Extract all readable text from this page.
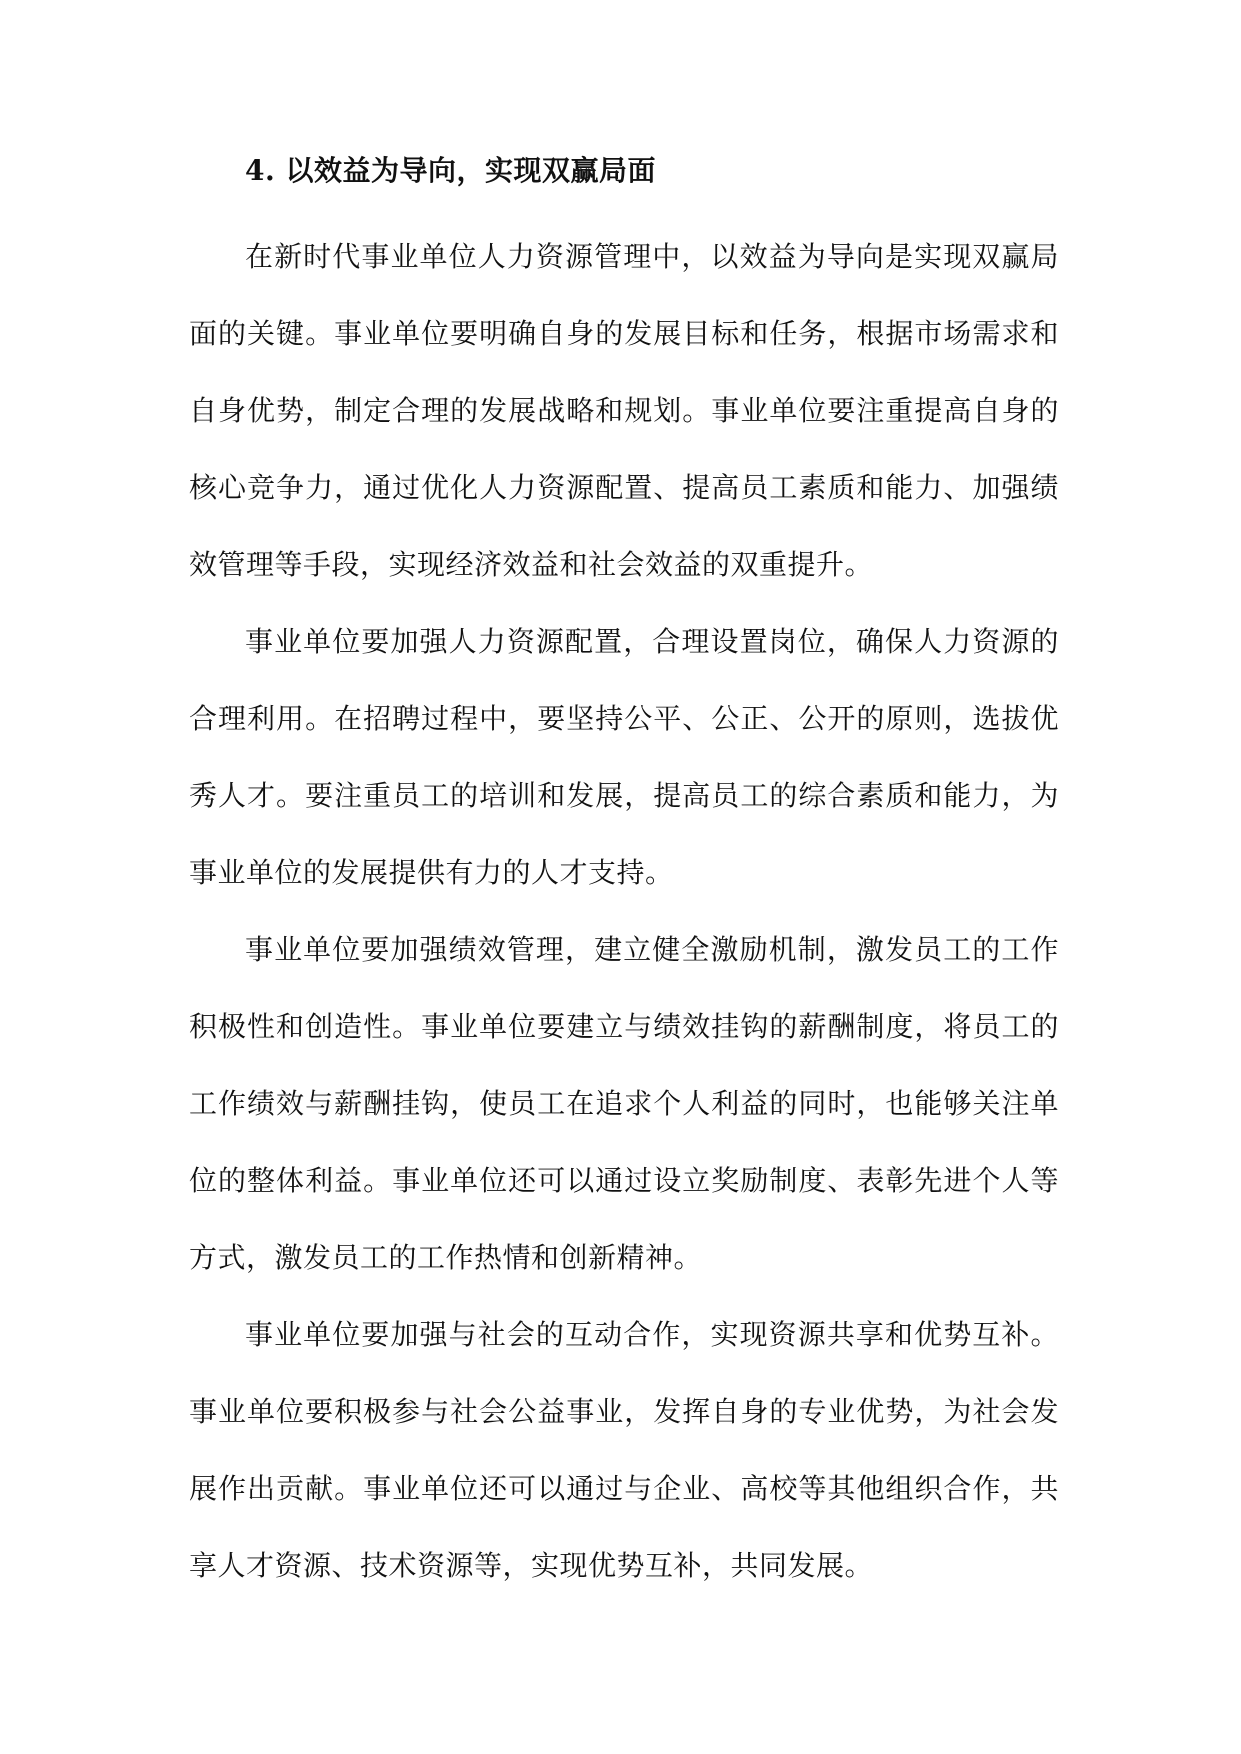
4. 以效益为导向，实现双赢局面

在新时代事业单位人力资源管理中，以效益为导向是实现双赢局面的关键。事业单位要明确自身的发展目标和任务，根据市场需求和自身优势，制定合理的发展战略和规划。事业单位要注重提高自身的核心竞争力，通过优化人力资源配置、提高员工素质和能力、加强绩效管理等手段，实现经济效益和社会效益的双重提升。

事业单位要加强人力资源配置，合理设置岗位，确保人力资源的合理利用。在招聘过程中，要坚持公平、公正、公开的原则，选拔优秀人才。要注重员工的培训和发展，提高员工的综合素质和能力，为事业单位的发展提供有力的人才支持。

事业单位要加强绩效管理，建立健全激励机制，激发员工的工作积极性和创造性。事业单位要建立与绩效挂钩的薪酬制度，将员工的工作绩效与薪酬挂钩，使员工在追求个人利益的同时，也能够关注单位的整体利益。事业单位还可以通过设立奖励制度、表彰先进个人等方式，激发员工的工作热情和创新精神。

事业单位要加强与社会的互动合作，实现资源共享和优势互补。事业单位要积极参与社会公益事业，发挥自身的专业优势，为社会发展作出贡献。事业单位还可以通过与企业、高校等其他组织合作，共享人才资源、技术资源等，实现优势互补，共同发展。
